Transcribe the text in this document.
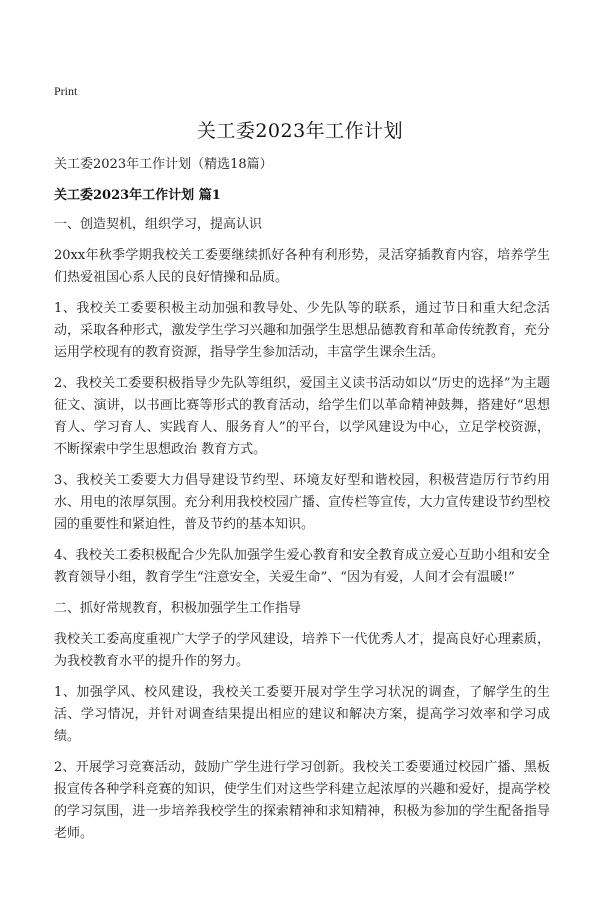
Print
关工委2023年工作计划
关工委2023年工作计划（精选18篇）
关工委2023年工作计划 篇1

一、创造契机，组织学习，提高认识

20xx年秋季学期我校关工委要继续抓好各种有利形势，灵活穿插教育内容，培养学生们热爱祖国心系人民的良好情操和品质。

1、我校关工委要积极主动加强和教导处、少先队等的联系，通过节日和重大纪念活动，采取各种形式，激发学生学习兴趣和加强学生思想品德教育和革命传统教育，充分运用学校现有的教育资源，指导学生参加活动，丰富学生课余生活。

2、我校关工委要积极指导少先队等组织，爱国主义读书活动如以“历史的选择”为主题征文、演讲，以书画比赛等形式的教育活动，给学生们以革命精神鼓舞，搭建好“思想育人、学习育人、实践育人、服务育人”的平台，以学风建设为中心，立足学校资源，不断探索中学生思想政治 教育方式。

3、我校关工委要大力倡导建设节约型、环境友好型和谐校园，积极营造厉行节约用水、用电的浓厚氛围。充分利用我校校园广播、宣传栏等宣传，大力宣传建设节约型校园的重要性和紧迫性，普及节约的基本知识。

4、我校关工委积极配合少先队加强学生爱心教育和安全教育成立爱心互助小组和安全教育领导小组，教育学生“注意安全，关爱生命”、“因为有爱，人间才会有温暖!”

二、抓好常规教育，积极加强学生工作指导

我校关工委高度重视广大学子的学风建设，培养下一代优秀人才，提高良好心理素质，为我校教育水平的提升作的努力。

1、加强学风、校风建设，我校关工委要开展对学生学习状况的调查，了解学生的生活、学习情况，并针对调查结果提出相应的建议和解决方案，提高学习效率和学习成绩。

2、开展学习竞赛活动，鼓励广学生进行学习创新。我校关工委要通过校园广播、黑板报宣传各种学科竞赛的知识，使学生们对这些学科建立起浓厚的兴趣和爱好，提高学校的学习氛围，进一步培养我校学生的探索精神和求知精神，积极为参加的学生配备指导老师。
